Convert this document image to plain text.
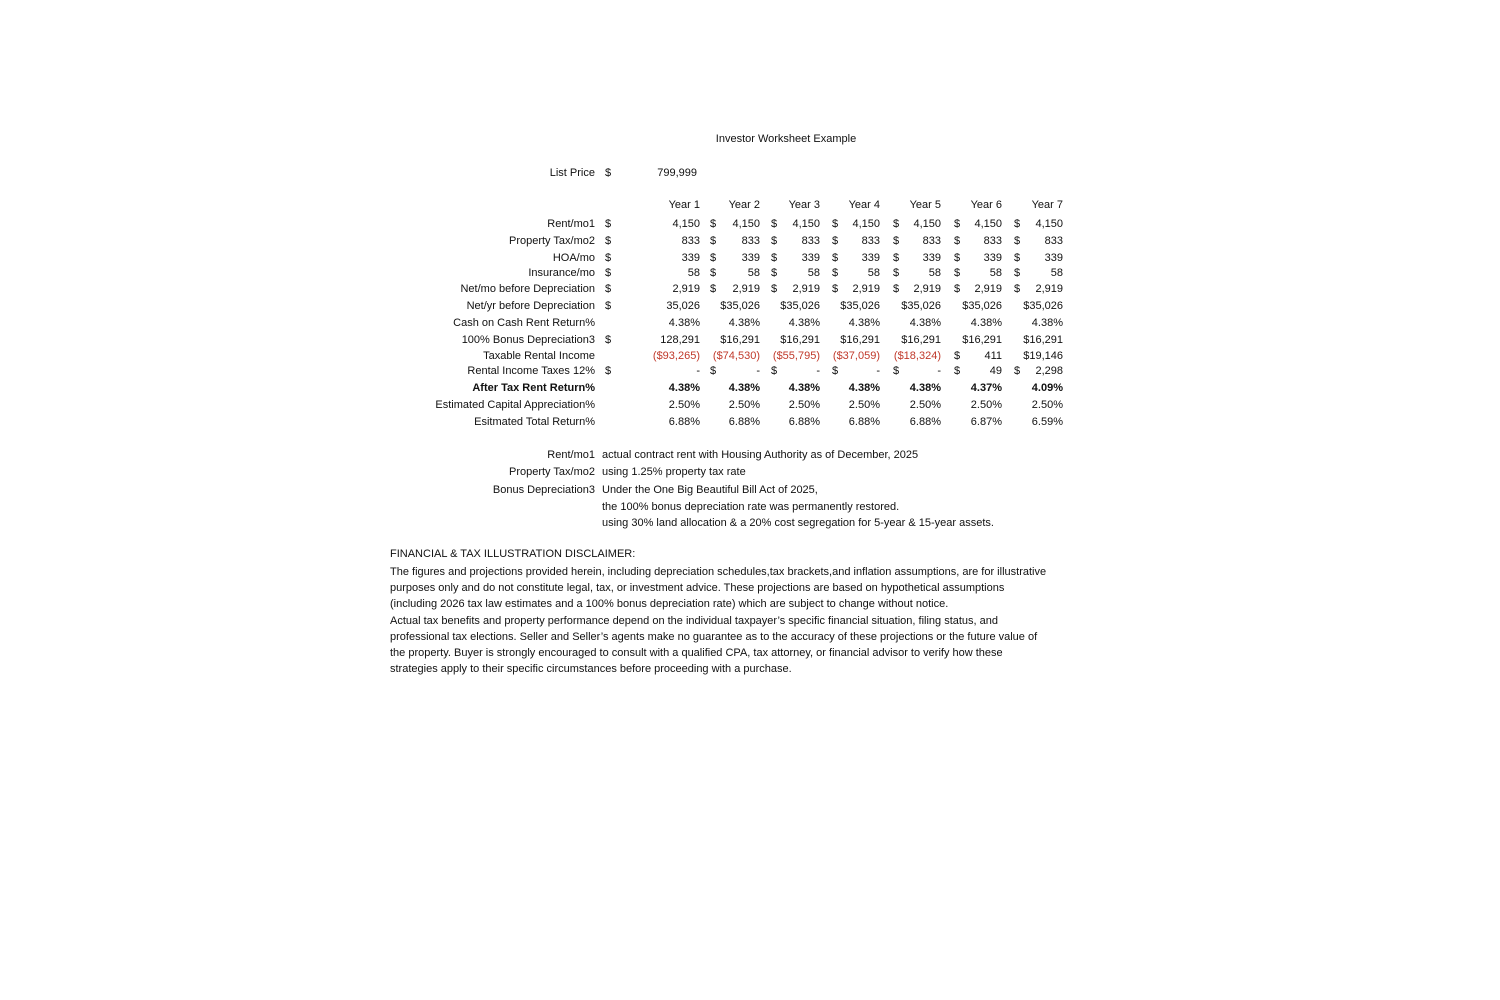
Investor Worksheet Example
List Price $	799,999
Year 1	Year 2	Year 3	Year 4	Year 5	Year 6	Year 7
Rent/mo1 $	4,150 $	4,150 $	4,150 $	4,150 $	4,150 $	4,150 $	4,150
Property Tax/mo2 $	833 $	833 $	833 $	833 $	833 $	833 $	833
HOA/mo $	339 $	339 $	339 $	339 $	339 $	339 $	339
Insurance/mo $	58 $	58 $	58 $	58 $	58 $	58 $	58
Net/mo before Depreciation $	2,919 $	2,919 $	2,919 $	2,919 $	2,919 $	2,919 $	2,919
Net/yr before Depreciation $	35,026	$35,026	$35,026	$35,026	$35,026	$35,026	$35,026
Cash on Cash Rent Return%	4.38%	4.38%	4.38%	4.38%	4.38%	4.38%	4.38%
100% Bonus Depreciation3 $	128,291	$16,291	$16,291	$16,291	$16,291	$16,291	$16,291
Taxable Rental Income	($93,265)	($74,530)	($55,795)	($37,059)	($18,324) $	411	$19,146
Rental Income Taxes 12% $	- $	- $	- $	- $	- $	49 $	2,298
After Tax Rent Return%	4.38%	4.38%	4.38%	4.38%	4.38%	4.37%	4.09%
Estimated Capital Appreciation%	2.50%	2.50%	2.50%	2.50%	2.50%	2.50%	2.50%
Esitmated Total Return%	6.88%	6.88%	6.88%	6.88%	6.88%	6.87%	6.59%
Rent/mo1 actual contract rent with Housing Authority as of December, 2025
Property Tax/mo2 using 1.25% property tax rate
Bonus Depreciation3 Under the One Big Beautiful Bill Act of 2025,
the 100% bonus depreciation rate was permanently restored.
using 30% land allocation & a 20% cost segregation for 5-year & 15-year assets.
FINANCIAL & TAX ILLUSTRATION DISCLAIMER:

The figures and projections provided herein, including depreciation schedules,tax brackets,and inflation assumptions, are for illustrative purposes only and do not constitute legal, tax, or investment advice. These projections are based on hypothetical assumptions (including 2026 tax law estimates and a 100% bonus depreciation rate) which are subject to change without notice.

Actual tax benefits and property performance depend on the individual taxpayer’s specific financial situation, filing status, and professional tax elections. Seller and Seller’s agents make no guarantee as to the accuracy of these projections or the future value of the property. Buyer is strongly encouraged to consult with a qualified CPA, tax attorney, or financial advisor to verify how these strategies apply to their specific circumstances before proceeding with a purchase.
